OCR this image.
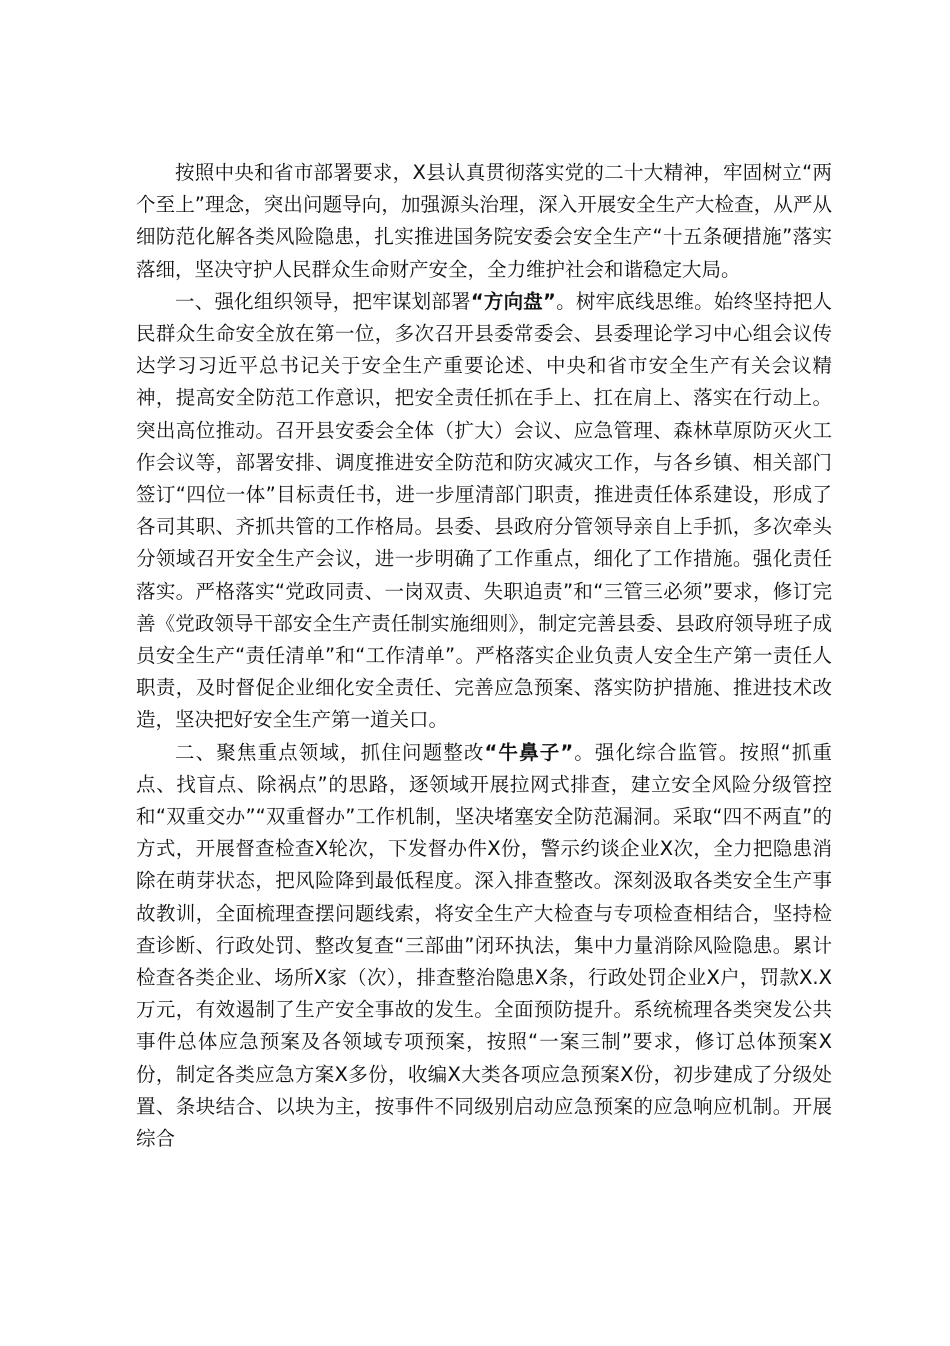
按照中央和省市部署要求，X县认真贯彻落实党的二十大精神，牢固树立“两个至上”理念，突出问题导向，加强源头治理，深入开展安全生产大检查，从严从细防范化解各类风险隐患，扎实推进国务院安委会安全生产“十五条硬措施”落实落细，坚决守护人民群众生命财产安全，全力维护社会和谐稳定大局。

一、强化组织领导，把牢谋划部署“方向盘”。树牢底线思维。始终坚持把人民群众生命安全放在第一位，多次召开县委常委会、县委理论学习中心组会议传达学习习近平总书记关于安全生产重要论述、中央和省市安全生产有关会议精神，提高安全防范工作意识，把安全责任抓在手上、扛在肩上、落实在行动上。突出高位推动。召开县安委会全体（扩大）会议、应急管理、森林草原防灭火工作会议等，部署安排、调度推进安全防范和防灾减灾工作，与各乡镇、相关部门签订“四位一体”目标责任书，进一步厘清部门职责，推进责任体系建设，形成了各司其职、齐抓共管的工作格局。县委、县政府分管领导亲自上手抓，多次牵头分领域召开安全生产会议，进一步明确了工作重点，细化了工作措施。强化责任落实。严格落实“党政同责、一岗双责、失职追责”和“三管三必须”要求，修订完善《党政领导干部安全生产责任制实施细则》，制定完善县委、县政府领导班子成员安全生产“责任清单”和“工作清单”。严格落实企业负责人安全生产第一责任人职责，及时督促企业细化安全责任、完善应急预案、落实防护措施、推进技术改造，坚决把好安全生产第一道关口。

二、聚焦重点领域，抓住问题整改“牛鼻子”。强化综合监管。按照“抓重点、找盲点、除祸点”的思路，逐领域开展拉网式排查，建立安全风险分级管控和“双重交办”“双重督办”工作机制，坚决堵塞安全防范漏洞。采取“四不两直”的方式，开展督查检查X轮次，下发督办件X份，警示约谈企业X次，全力把隐患消除在萌芽状态，把风险降到最低程度。深入排查整改。深刻汲取各类安全生产事故教训，全面梳理查摆问题线索，将安全生产大检查与专项检查相结合，坚持检查诊断、行政处罚、整改复查“三部曲”闭环执法，集中力量消除风险隐患。累计检查各类企业、场所X家（次），排查整治隐患X条，行政处罚企业X户，罚款X.X万元，有效遏制了生产安全事故的发生。全面预防提升。系统梳理各类突发公共事件总体应急预案及各领域专项预案，按照“一案三制”要求，修订总体预案X份，制定各类应急方案X多份，收编X大类各项应急预案X份，初步建成了分级处置、条块结合、以块为主，按事件不同级别启动应急预案的应急响应机制。开展综合
